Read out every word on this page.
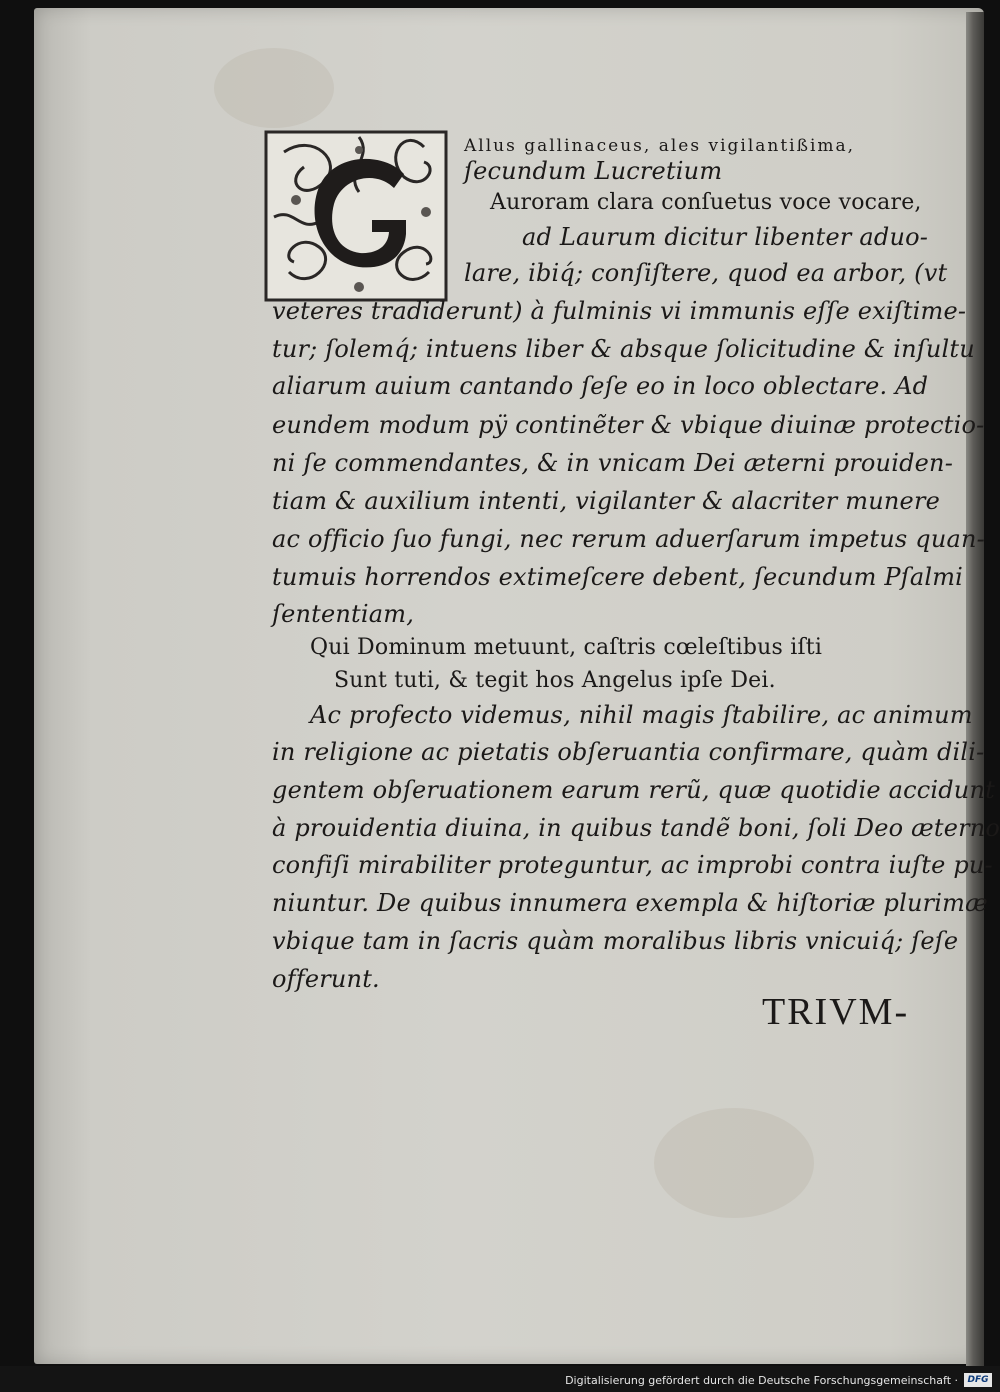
Allus gallinaceus, ales vigilantißima,
ſecundum Lucretium
Auroram clara conſuetus voce vocare,
ad Laurum dicitur libenter aduo-
lare, ibiq́; conſiſtere, quod ea arbor, (vt
veteres tradiderunt) à fulminis vi immunis eſſe exiſtime-
tur; ſolemq́; intuens liber & absque ſolicitudine & inſultu
aliarum auium cantando ſeſe eo in loco oblectare. Ad
eundem modum pÿ continẽter & vbique diuinæ protectio-
ni ſe commendantes, & in vnicam Dei æterni prouiden-
tiam & auxilium intenti, vigilanter & alacriter munere
ac officio ſuo fungi, nec rerum aduerſarum impetus quan-
tumuis horrendos extimeſcere debent, ſecundum Pſalmi
ſententiam,
Qui Dominum metuunt, caſtris cœleſtibus iſti
Sunt tuti, & tegit hos Angelus ipſe Dei.
Ac profecto videmus, nihil magis ſtabilire, ac animum
in religione ac pietatis obſeruantia confirmare, quàm dili-
gentem obſeruationem earum rerũ, quæ quotidie accidunt
à prouidentia diuina, in quibus tandẽ boni, ſoli Deo æterno
confiſi mirabiliter proteguntur, ac improbi contra iuſte pu-
niuntur. De quibus innumera exempla & hiſtoriæ plurimæ
vbique tam in ſacris quàm moralibus libris vnicuiq́; ſeſe
offerunt.
TRIVM-
Digitalisierung gefördert durch die Deutsche Forschungsgemeinschaft ·	DFG
